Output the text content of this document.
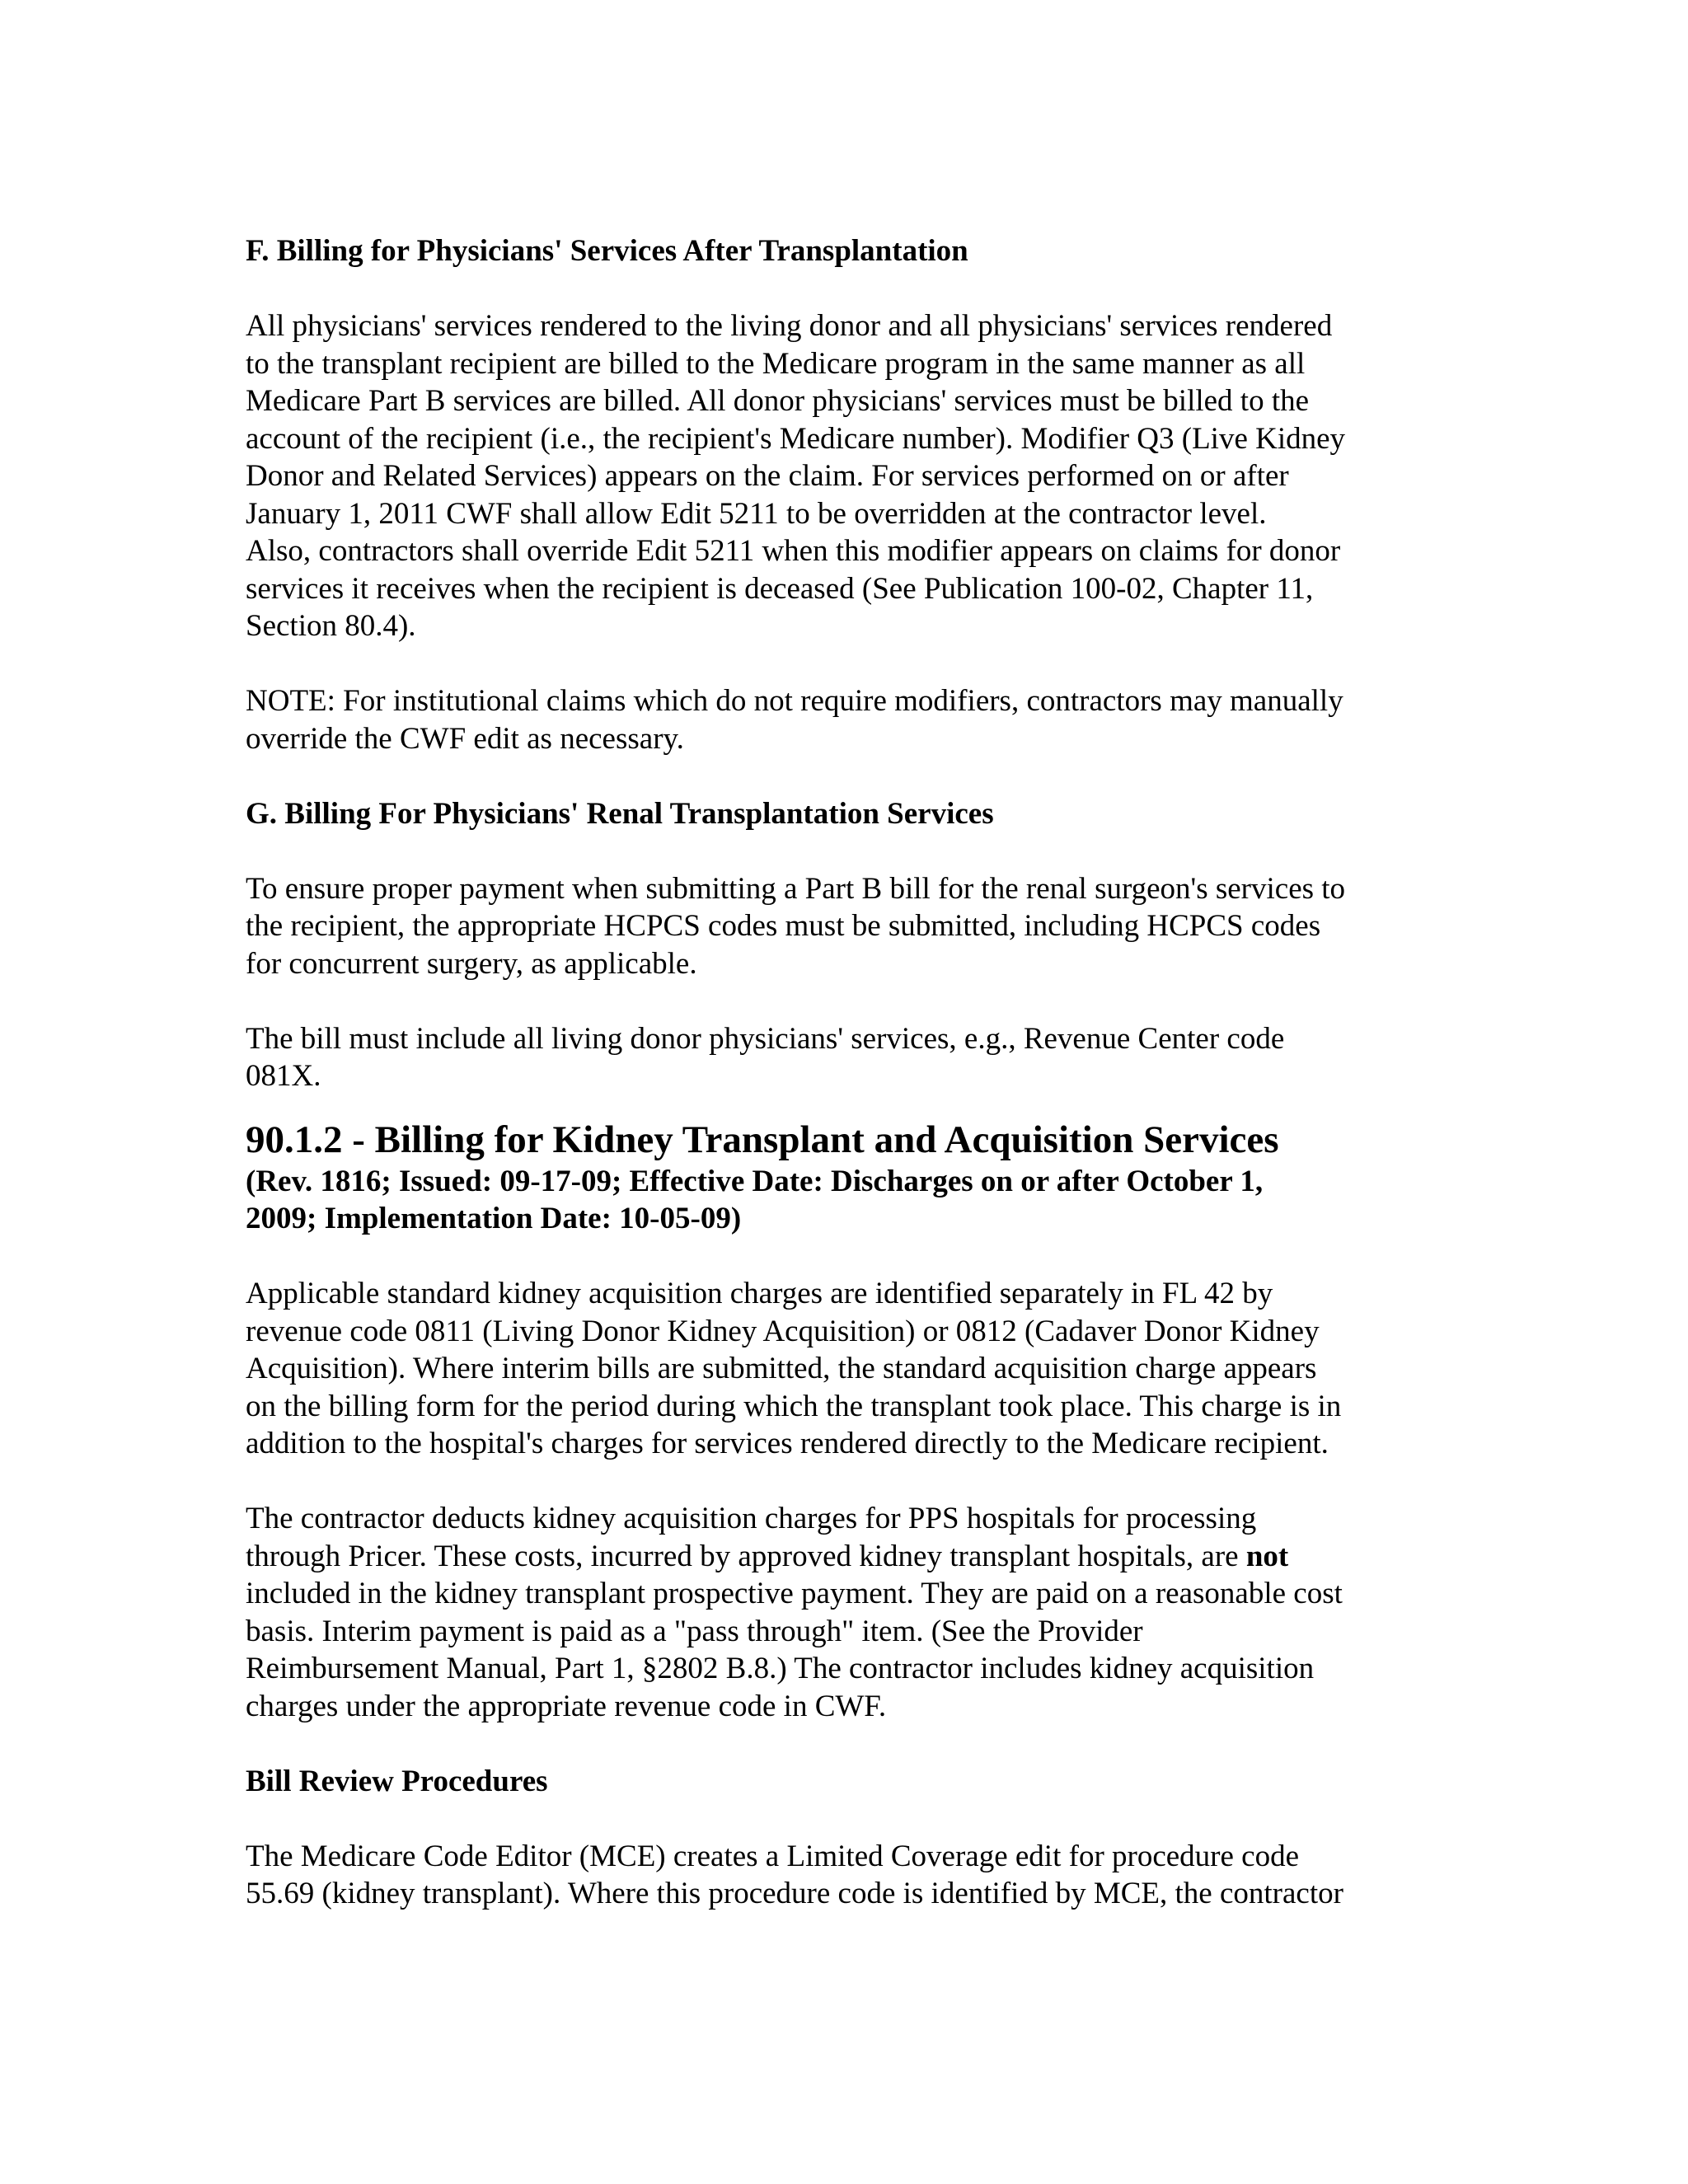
F. Billing for Physicians' Services After Transplantation

All physicians' services rendered to the living donor and all physicians' services rendered

to the transplant recipient are billed to the Medicare program in the same manner as all

Medicare Part B services are billed. All donor physicians' services must be billed to the

account of the recipient (i.e., the recipient's Medicare number). Modifier Q3 (Live Kidney

Donor and Related Services) appears on the claim. For services performed on or after

January 1, 2011 CWF shall allow Edit 5211 to be overridden at the contractor level.

Also, contractors shall override Edit 5211 when this modifier appears on claims for donor

services it receives when the recipient is deceased (See Publication 100-02, Chapter 11,

Section 80.4).

NOTE: For institutional claims which do not require modifiers, contractors may manually

override the CWF edit as necessary.

G. Billing For Physicians' Renal Transplantation Services

To ensure proper payment when submitting a Part B bill for the renal surgeon's services to

the recipient, the appropriate HCPCS codes must be submitted, including HCPCS codes

for concurrent surgery, as applicable.

The bill must include all living donor physicians' services, e.g., Revenue Center code

081X.

90.1.2 - Billing for Kidney Transplant and Acquisition Services

(Rev. 1816; Issued: 09-17-09; Effective Date: Discharges on or after October 1,

2009; Implementation Date: 10-05-09)

Applicable standard kidney acquisition charges are identified separately in FL 42 by

revenue code 0811 (Living Donor Kidney Acquisition) or 0812 (Cadaver Donor Kidney

Acquisition). Where interim bills are submitted, the standard acquisition charge appears

on the billing form for the period during which the transplant took place. This charge is in

addition to the hospital's charges for services rendered directly to the Medicare recipient.

The contractor deducts kidney acquisition charges for PPS hospitals for processing

through Pricer. These costs, incurred by approved kidney transplant hospitals, are not

included in the kidney transplant prospective payment. They are paid on a reasonable cost

basis. Interim payment is paid as a "pass through" item. (See the Provider

Reimbursement Manual, Part 1, §2802 B.8.) The contractor includes kidney acquisition

charges under the appropriate revenue code in CWF.

Bill Review Procedures

The Medicare Code Editor (MCE) creates a Limited Coverage edit for procedure code

55.69 (kidney transplant). Where this procedure code is identified by MCE, the contractor
